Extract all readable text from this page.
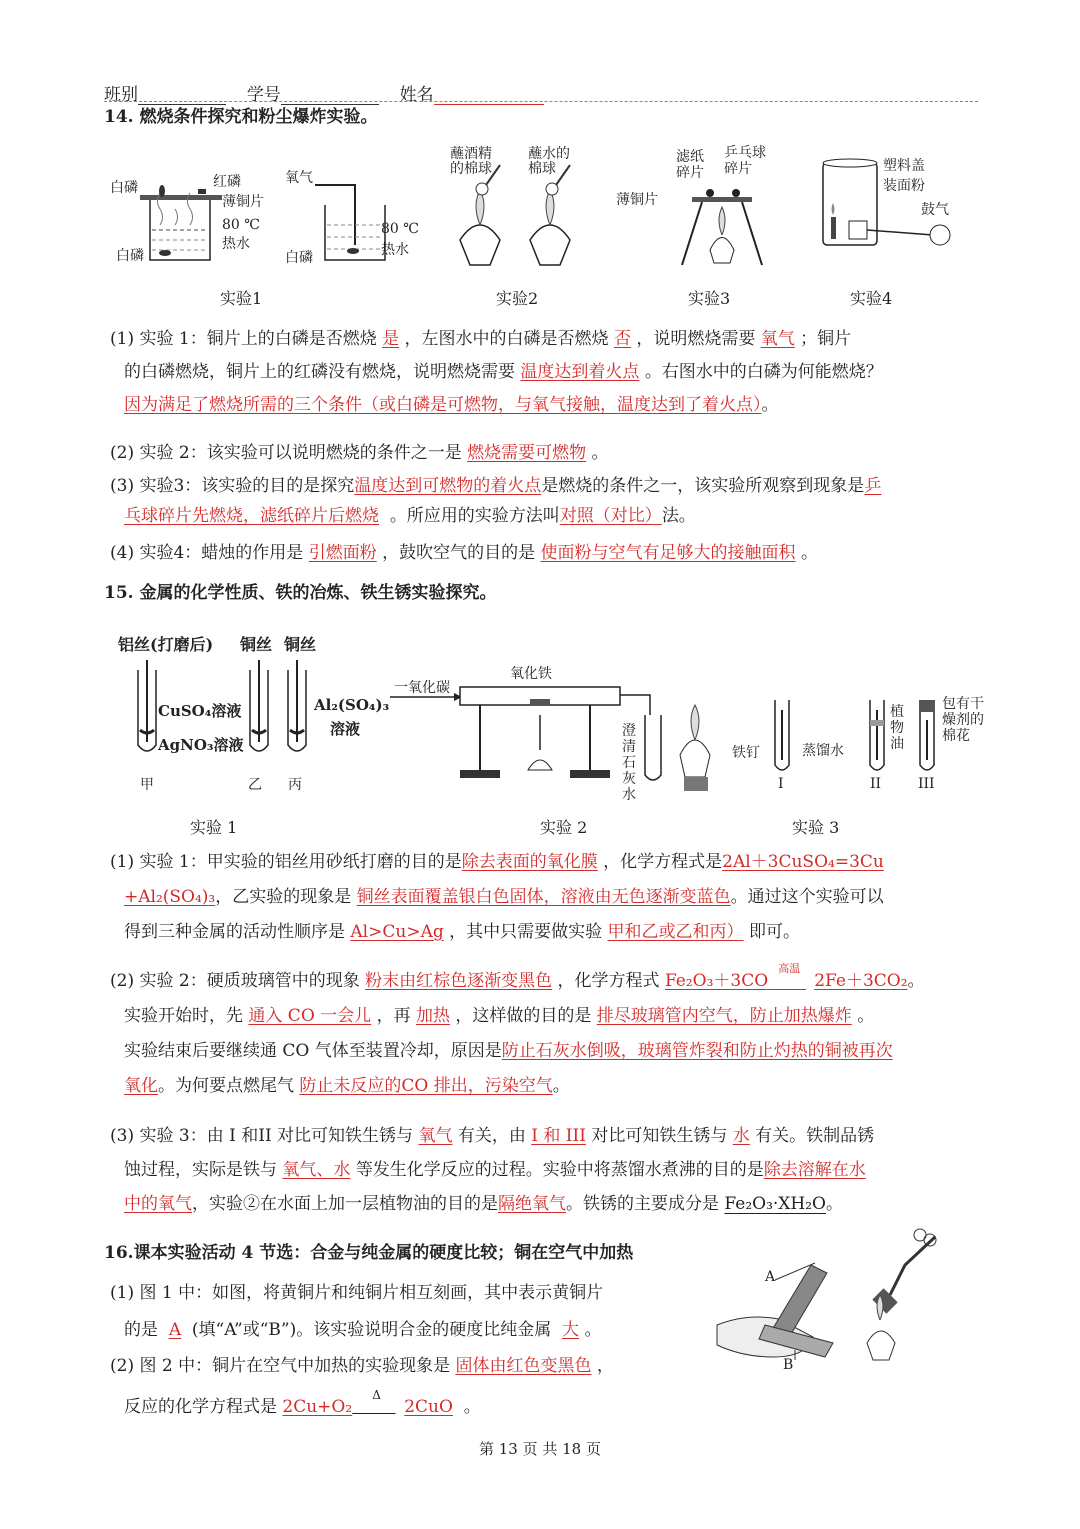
班别	学号	姓名
14. 燃烧条件探究和粉尘爆炸实验。
白磷	红磷
薄铜片
80 ℃
热水
白磷
氧气
80 ℃
热水
白磷
蘸酒精的棉球
蘸水的棉球
滤纸碎片
乒乓球碎片
薄铜片
塑料盖
装面粉
鼓气
实验1	实验2	实验3	实验4
(1) 实验 1：铜片上的白磷是否燃烧 是 ，左图水中的白磷是否燃烧 否 ，说明燃烧需要 氧气 ；铜片
的白磷燃烧，铜片上的红磷没有燃烧，说明燃烧需要 温度达到着火点 。右图水中的白磷为何能燃烧？
因为满足了燃烧所需的三个条件（或白磷是可燃物，与氧气接触，温度达到了着火点）。
(2) 实验 2：该实验可以说明燃烧的条件之一是 燃烧需要可燃物 。
(3) 实验3：该实验的目的是探究温度达到可燃物的着火点是燃烧的条件之一，该实验所观察到现象是乒
乓球碎片先燃烧，滤纸碎片后燃烧 。所应用的实验方法叫对照（对比）法。
(4) 实验4：蜡烛的作用是 引燃面粉 ，鼓吹空气的目的是 使面粉与空气有足够大的接触面积 。
15. 金属的化学性质、铁的冶炼、铁生锈实验探究。
铝丝(打磨后) 铜丝 铜丝
CuSO₄溶液
AgNO₃溶液
Al₂(SO₄)₃
溶液
甲	乙 丙
一氧化碳
氧化铁
澄清石灰水
铁钉	蒸馏水
植物油
包有干燥剂的棉花
I	II	III
实验 1	实验 2	实验 3
(1) 实验 1：甲实验的铝丝用砂纸打磨的目的是除去表面的氧化膜 ，化学方程式是2Al＋3CuSO₄=3Cu
+Al₂(SO₄)₃，乙实验的现象是 铜丝表面覆盖银白色固体，溶液由无色逐渐变蓝色。通过这个实验可以
得到三种金属的活动性顺序是 Al>Cu>Ag ，其中只需要做实验 甲和乙或乙和丙） 即可。
(2) 实验 2：硬质玻璃管中的现象 粉末由红棕色逐渐变黑色 ，化学方程式 Fe₂O₃＋3CO
高温
2Fe＋3CO₂。
实验开始时，先 通入 CO 一会儿 ，再 加热 ，这样做的目的是 排尽玻璃管内空气，防止加热爆炸 。
实验结束后要继续通 CO 气体至装置冷却，原因是防止石灰水倒吸，玻璃管炸裂和防止灼热的铜被再次
氧化。为何要点燃尾气 防止未反应的CO 排出，污染空气。
(3) 实验 3：由 I 和II 对比可知铁生锈与 氧气 有关，由 I 和 III 对比可知铁生锈与 水 有关。铁制品锈
蚀过程，实际是铁与 氧气、水 等发生化学反应的过程。实验中将蒸馏水煮沸的目的是除去溶解在水
中的氧气，实验②在水面上加一层植物油的目的是隔绝氧气。铁锈的主要成分是 Fe₂O₃·XH₂O。
16.课本实验活动 4 节选：合金与纯金属的硬度比较；铜在空气中加热
(1) 图 1 中：如图，将黄铜片和纯铜片相互刻画，其中表示黄铜片
的是 A (填“A”或“B”)。该实验说明合金的硬度比纯金属 大 。
(2) 图 2 中：铜片在空气中加热的实验现象是 固体由红色变黑色 ，
反应的化学方程式是 2Cu+O₂
Δ
2CuO 。
A
B
第 13 页 共 18 页
